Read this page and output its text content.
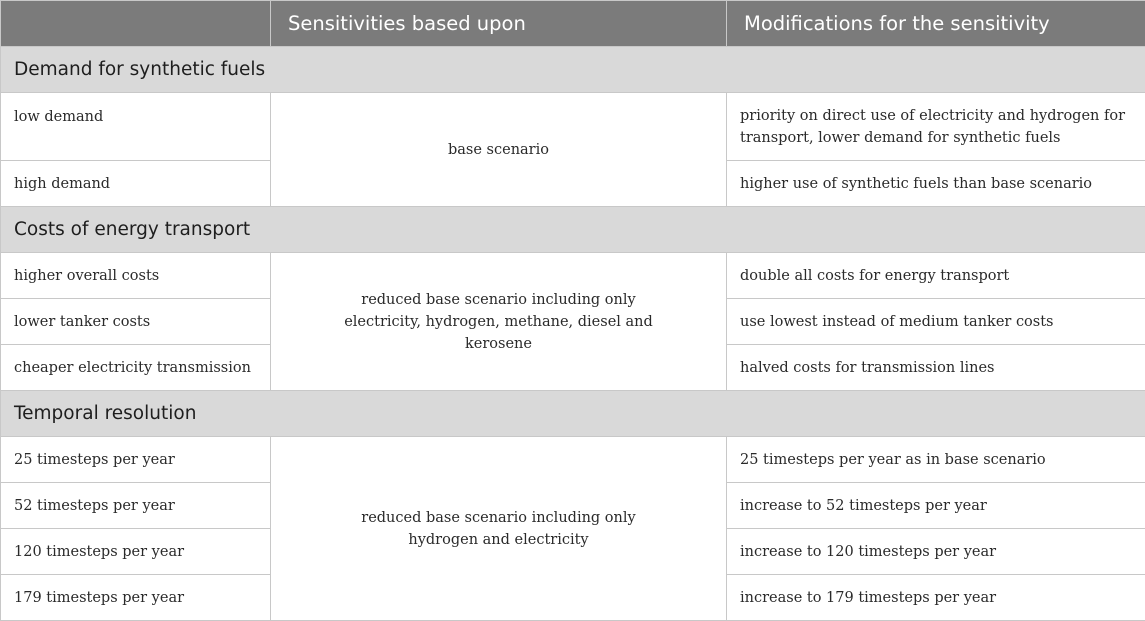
	Sensitivities based upon	Modifications for the sensitivity
Demand for synthetic fuels		
low demand	base scenario	priority on direct use of electricity and hydrogen for transport, lower demand for synthetic fuels
high demand		higher use of synthetic fuels than base scenario
Costs of energy transport		
higher overall costs	reduced base scenario including only electricity, hydrogen, methane, diesel and kerosene	double all costs for energy transport
lower tanker costs		use lowest instead of medium tanker costs
cheaper electricity transmission		halved costs for transmission lines
Temporal resolution		
25 timesteps per year	reduced base scenario including only hydrogen and electricity	25 timesteps per year as in base scenario
52 timesteps per year		increase to 52 timesteps per year
120 timesteps per year		increase to 120 timesteps per year
179 timesteps per year		increase to 179 timesteps per year
